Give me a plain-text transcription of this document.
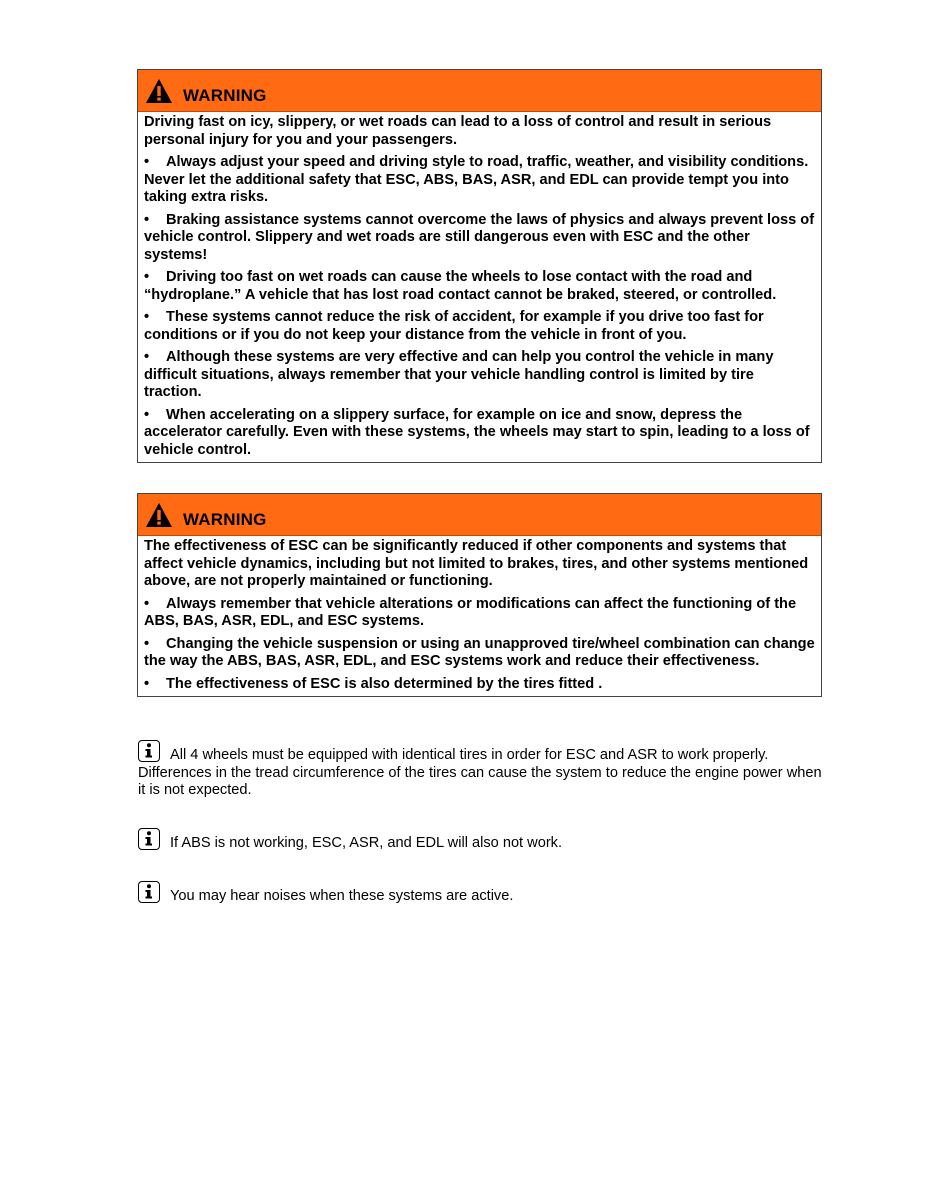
WARNING

Driving fast on icy, slippery, or wet roads can lead to a loss of control and result in serious personal injury for you and your passengers.

• Always adjust your speed and driving style to road, traffic, weather, and visibility conditions. Never let the additional safety that ESC, ABS, BAS, ASR, and EDL can provide tempt you into taking extra risks.

• Braking assistance systems cannot overcome the laws of physics and always prevent loss of vehicle control. Slippery and wet roads are still dangerous even with ESC and the other systems!

• Driving too fast on wet roads can cause the wheels to lose contact with the road and “hydroplane.” A vehicle that has lost road contact cannot be braked, steered, or controlled.

• These systems cannot reduce the risk of accident, for example if you drive too fast for conditions or if you do not keep your distance from the vehicle in front of you.

• Although these systems are very effective and can help you control the vehicle in many difficult situations, always remember that your vehicle handling control is limited by tire traction.

• When accelerating on a slippery surface, for example on ice and snow, depress the accelerator carefully. Even with these systems, the wheels may start to spin, leading to a loss of vehicle control.

WARNING

The effectiveness of ESC can be significantly reduced if other components and systems that affect vehicle dynamics, including but not limited to brakes, tires, and other systems mentioned above, are not properly maintained or functioning.

• Always remember that vehicle alterations or modifications can affect the functioning of the ABS, BAS, ASR, EDL, and ESC systems.

• Changing the vehicle suspension or using an unapproved tire/wheel combination can change the way the ABS, BAS, ASR, EDL, and ESC systems work and reduce their effectiveness.

• The effectiveness of ESC is also determined by the tires fitted .

All 4 wheels must be equipped with identical tires in order for ESC and ASR to work properly. Differences in the tread circumference of the tires can cause the system to reduce the engine power when it is not expected.
If ABS is not working, ESC, ASR, and EDL will also not work.
You may hear noises when these systems are active.
